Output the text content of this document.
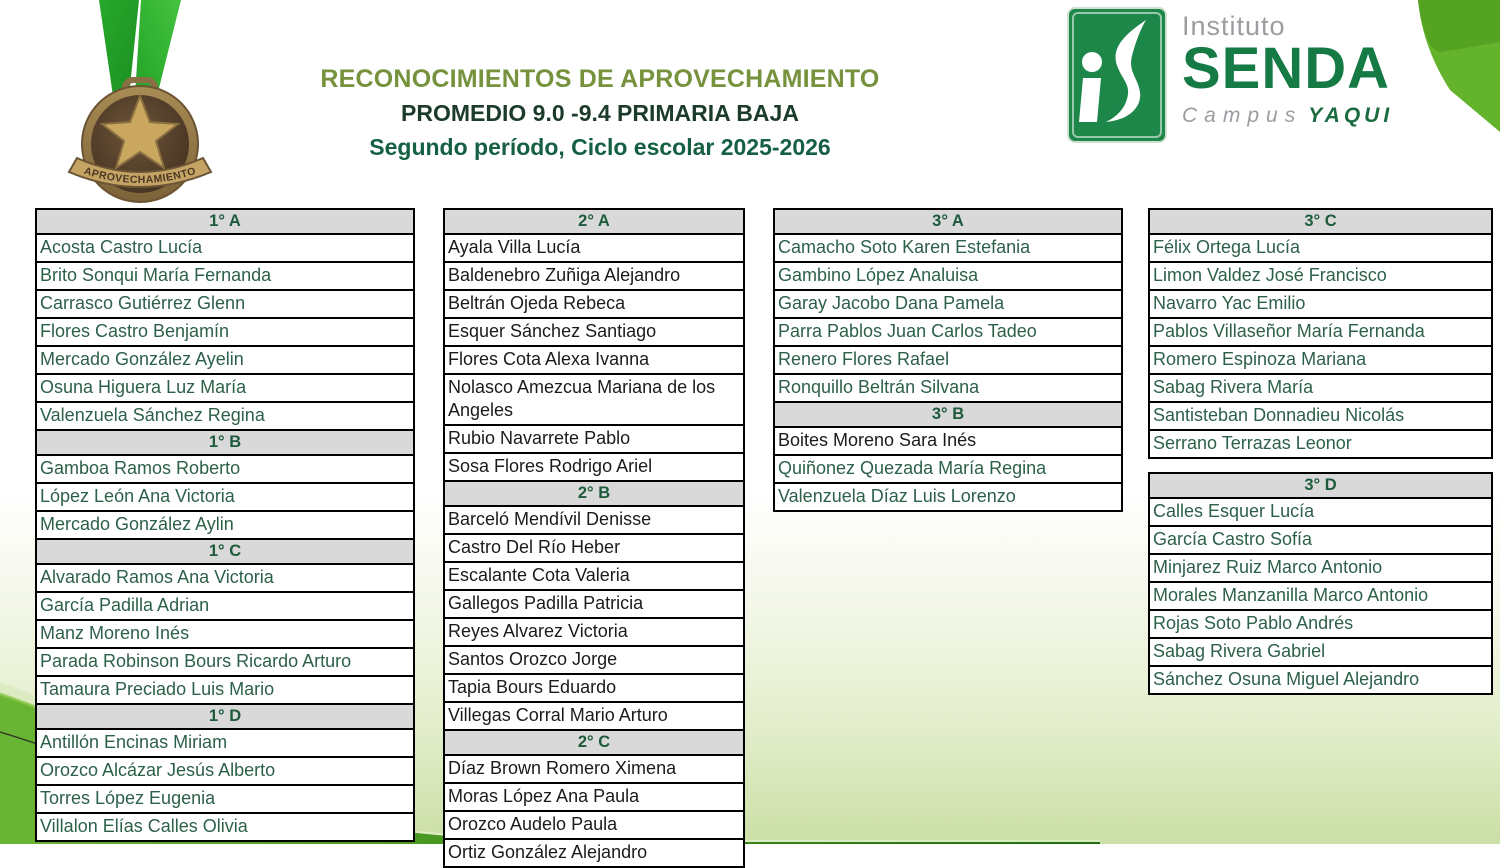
APROVECHAMIENTO
RECONOCIMIENTOS DE APROVECHAMIENTO
PROMEDIO 9.0 -9.4 PRIMARIA BAJA
Segundo período, Ciclo escolar 2025-2026
Instituto
SENDA
Campus YAQUI
1° A
Acosta Castro Lucía
Brito Sonqui María Fernanda
Carrasco Gutiérrez Glenn
Flores Castro Benjamín
Mercado González Ayelin
Osuna Higuera Luz María
Valenzuela Sánchez Regina
1° B
Gamboa Ramos Roberto
López León Ana Victoria
Mercado González Aylin
1° C
Alvarado Ramos Ana Victoria
García Padilla Adrian
Manz Moreno Inés
Parada Robinson Bours Ricardo Arturo
Tamaura Preciado Luis Mario
1° D
Antillón Encinas Miriam
Orozco Alcázar Jesús Alberto
Torres López Eugenia
Villalon Elías Calles Olivia
2° A
Ayala Villa Lucía
Baldenebro Zuñiga Alejandro
Beltrán Ojeda Rebeca
Esquer Sánchez Santiago
Flores Cota Alexa Ivanna
Nolasco Amezcua Mariana de los Angeles
Rubio Navarrete Pablo
Sosa Flores Rodrigo Ariel
2° B
Barceló Mendívil Denisse
Castro Del Río Heber
Escalante Cota Valeria
Gallegos Padilla Patricia
Reyes Alvarez Victoria
Santos Orozco Jorge
Tapia Bours Eduardo
Villegas Corral Mario Arturo
2° C
Díaz Brown Romero Ximena
Moras López Ana Paula
Orozco Audelo Paula
Ortiz González Alejandro
3° A
Camacho Soto Karen Estefania
Gambino López Analuisa
Garay Jacobo Dana Pamela
Parra Pablos Juan Carlos Tadeo
Renero Flores Rafael
Ronquillo Beltrán Silvana
3° B
Boites Moreno Sara Inés
Quiñonez Quezada María Regina
Valenzuela Díaz Luis Lorenzo
3° C
Félix Ortega Lucía
Limon Valdez José Francisco
Navarro Yac Emilio
Pablos Villaseñor María Fernanda
Romero Espinoza Mariana
Sabag Rivera María
Santisteban Donnadieu Nicolás
Serrano Terrazas Leonor
3° D
Calles Esquer Lucía
García Castro Sofía
Minjarez Ruiz Marco Antonio
Morales Manzanilla Marco Antonio
Rojas Soto Pablo Andrés
Sabag Rivera Gabriel
Sánchez Osuna Miguel Alejandro
